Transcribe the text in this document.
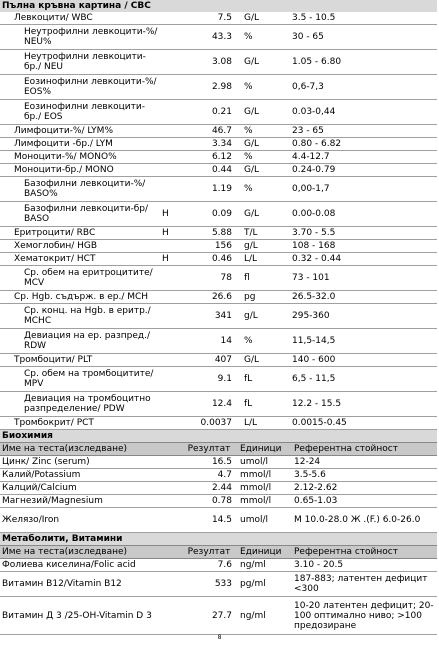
Пълна кръвна картина / CBC				
Левкоцити/ WBC		7.5	G/L	3.5 - 10.5

Неутрофилни левкоцити-%/ NEU%		43.3	%	30 - 65

Неутрофилни левкоцити-бр./ NEU		3.08	G/L	1.05 - 6.80

Еозинофилни левкоцити-%/ EOS%		2.98	%	0,6-7,3

Еозинофилни левкоцити-бр./ EOS		0.21	G/L	0.03-0,44
Лимфоцити-%/ LYM%		46.7	%	23 - 65
Лимфоцити -бр./ LYM		3.34	G/L	0.80 - 6.82
Моноцити-%/ MONO%		6.12	%	4.4-12.7
Моноцити-бр./ MONO		0.44	G/L	0.24-0.79

Базофилни левкоцити-%/ BASO%		1.19	%	0,00-1,7

Базофилни левкоцити-бр/ BASO	H	0.09	G/L	0.00-0.08
Еритроцити/ RBC	H	5.88	T/L	3.70 - 5.5
Хемоглобин/ HGB		156	g/L	108 - 168
Хематокрит/ HCT	H	0.46	L/L	0.32 - 0.44

Ср. обем на еритроцитите/ MCV		78	fl	73 - 101
Ср. Hgb. съдърж. в ер./ MCH		26.6	pg	26.5-32.0

Ср. конц. на Hgb. в еритр./ MCHC		341	g/L	295-360

Девиация на ер. разпред./ RDW		14	%	11,5-14,5
Тромбоцити/ PLT		407	G/L	140 - 600

Ср. обем на тромбоцитите/ MPV		9.1	fL	6,5 - 11,5

Девиация на тромбоцитно разпределение/ PDW		12.4	fL	12.2 - 15.5
Тромбокрит/ PCT		0.0037	L/L	0.0015-0.45
Биохимия			
Име на теста(изследване)	Резултат	Единици	Референтна стойност
Цинк/ Zinc (serum)	16.5	umol/l	12-24
Калий/Potassium	4.7	mmol/l	3.5-5.6
Калций/Calcium	2.44	mmol/l	2.12-2.62
Магнезий/Magnesium	0.78	mmol/l	0.65-1.03
Желязо/Iron	14.5	umol/l	М 10.0-28.0 Ж .(F.) 6.0-26.0
Метаболити, Витамини			
Име на теста(изследване)	Резултат	Единици	Референтна стойност
Фолиева киселина/Folic acid	7.6	ng/ml	3.10 - 20.5
Витамин B12/Vitamin B12	533	pg/ml	187-883; латентен дефицит <300
Витамин Д 3 /25-OH-Vitamin D 3	27.7	ng/ml	10-20 латентен дефицит; 20-100 оптимално ниво; >100 предозиране
8
